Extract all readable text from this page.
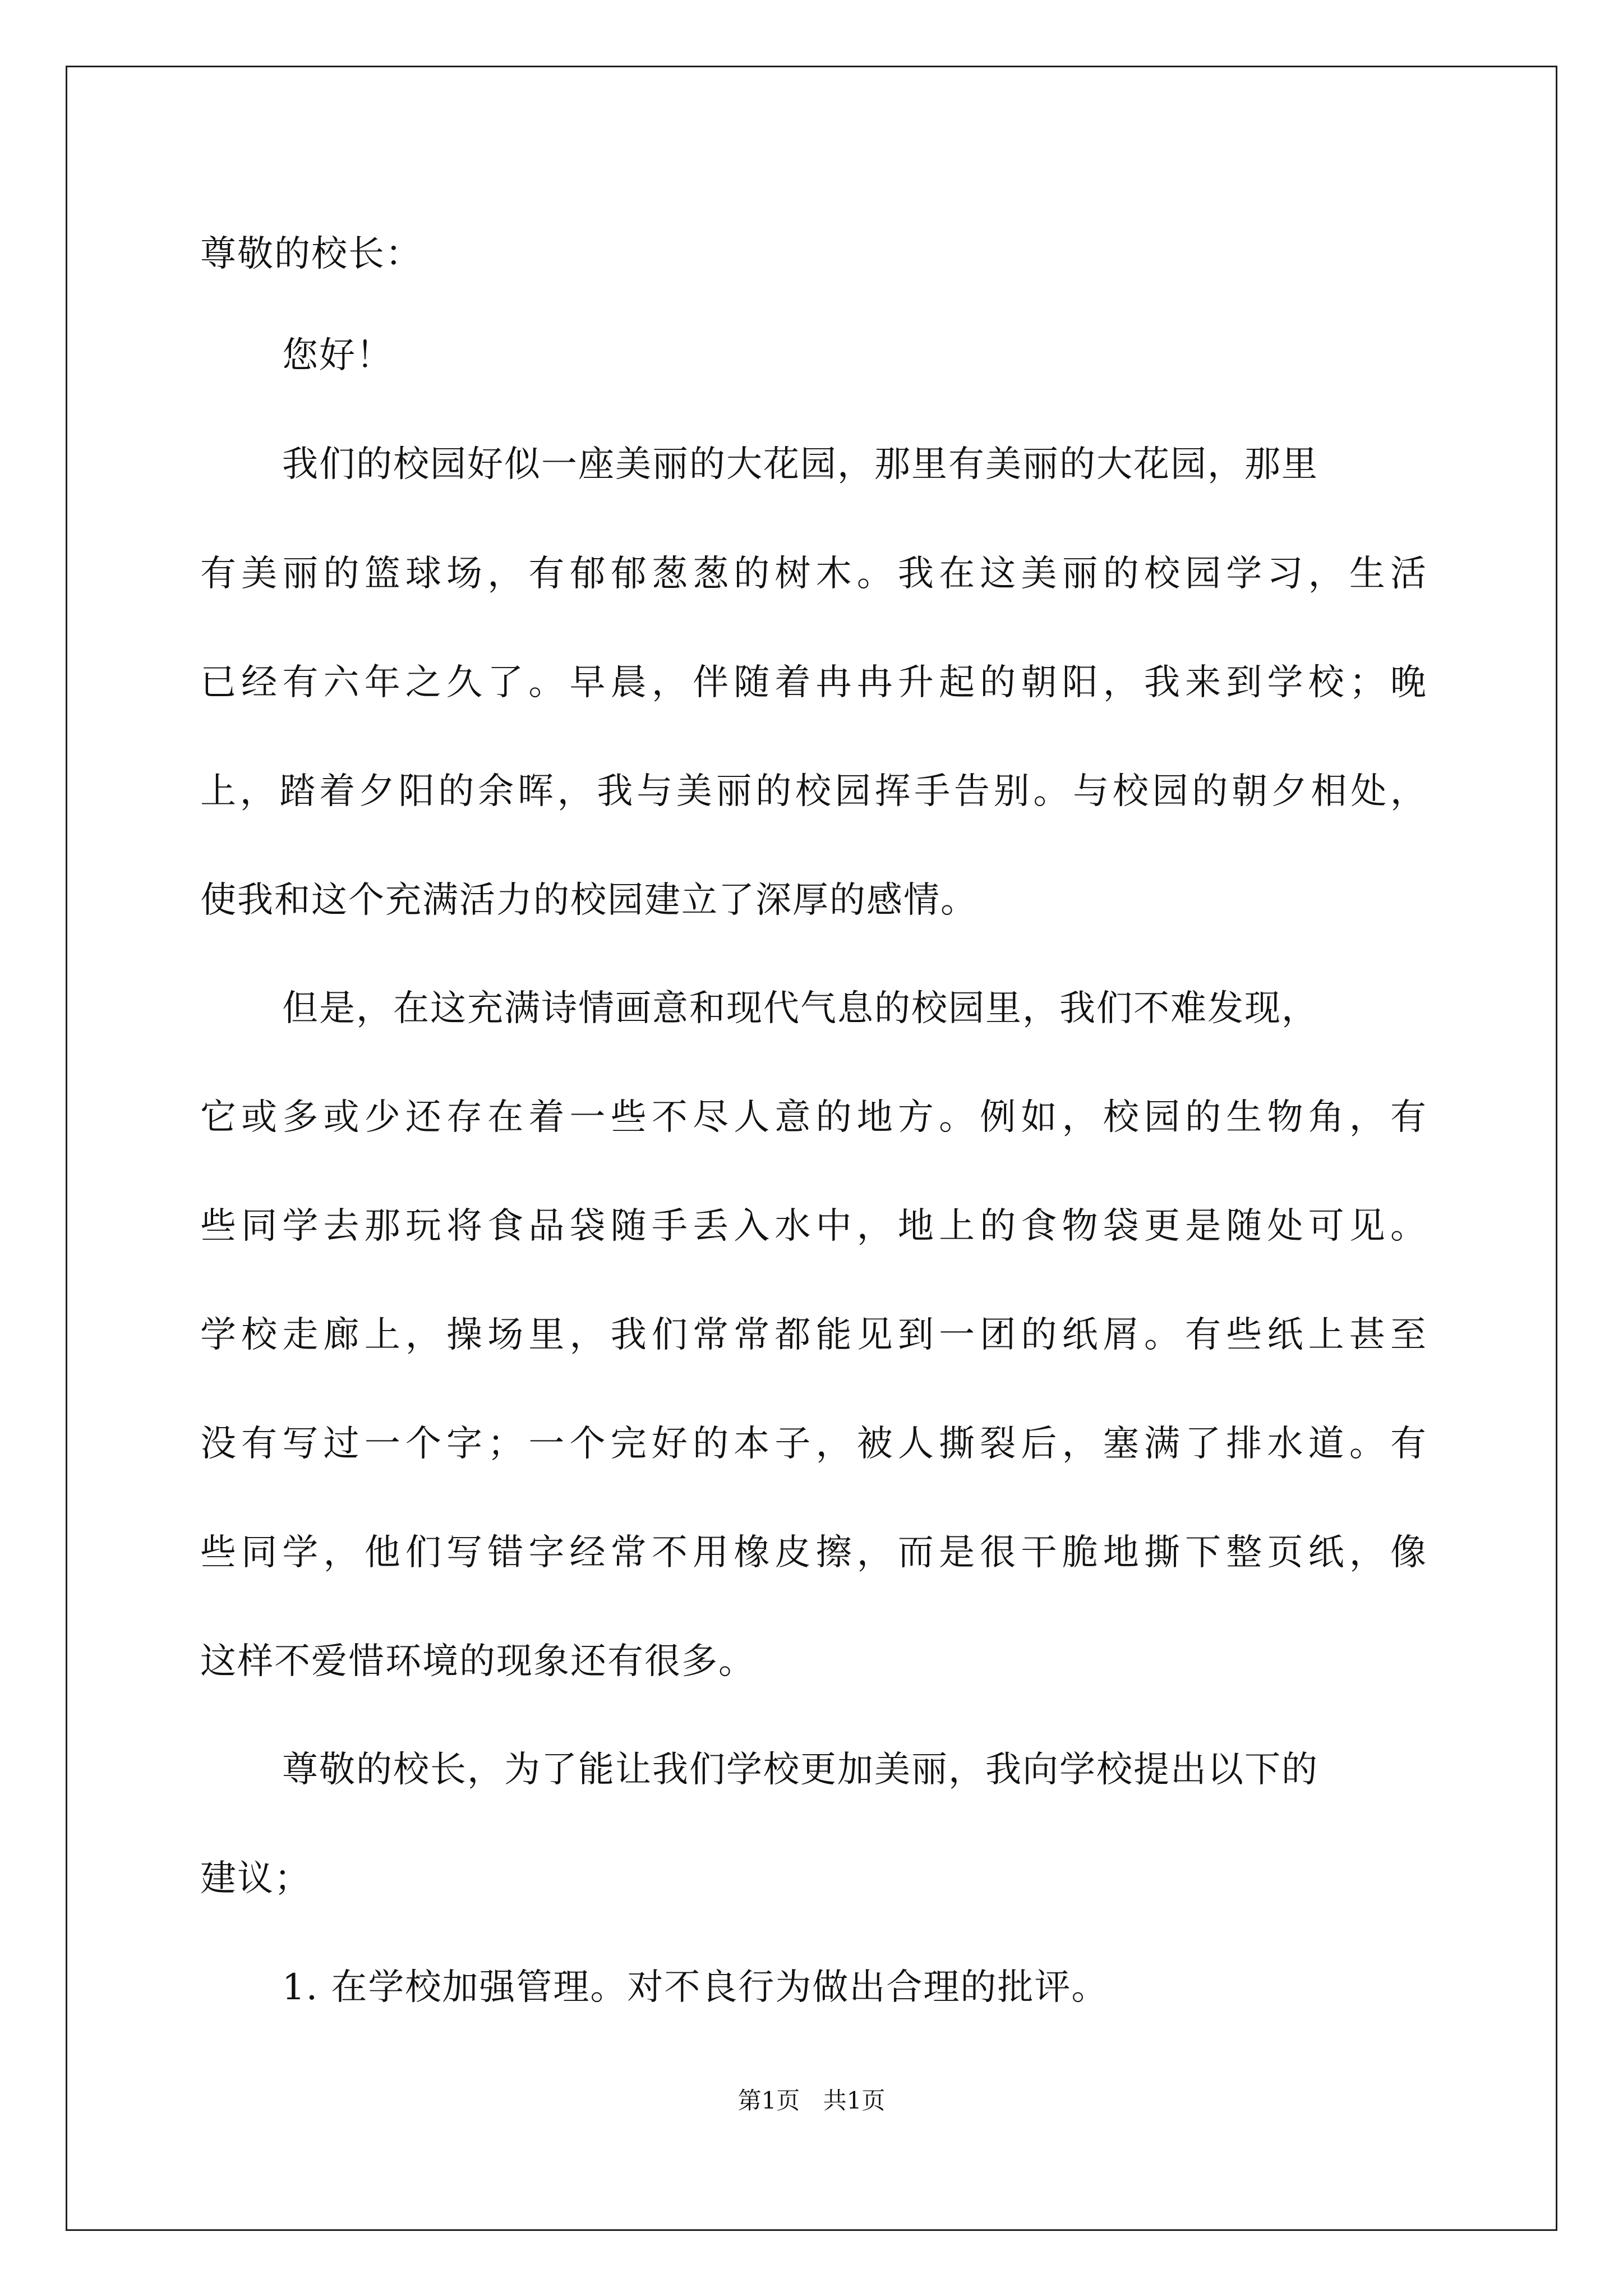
尊敬的校长：
您好！
我们的校园好似一座美丽的大花园，那里有美丽的大花园，那里
有美丽的篮球场，有郁郁葱葱的树木。我在这美丽的校园学习，生活
已经有六年之久了。早晨，伴随着冉冉升起的朝阳，我来到学校；晚
上，踏着夕阳的余晖，我与美丽的校园挥手告别。与校园的朝夕相处，
使我和这个充满活力的校园建立了深厚的感情。
但是，在这充满诗情画意和现代气息的校园里，我们不难发现，
它或多或少还存在着一些不尽人意的地方。例如，校园的生物角，有
些同学去那玩将食品袋随手丢入水中，地上的食物袋更是随处可见。
学校走廊上，操场里，我们常常都能见到一团的纸屑。有些纸上甚至
没有写过一个字；一个完好的本子，被人撕裂后，塞满了排水道。有
些同学，他们写错字经常不用橡皮擦，而是很干脆地撕下整页纸，像
这样不爱惜环境的现象还有很多。
尊敬的校长，为了能让我们学校更加美丽，我向学校提出以下的
建议；
1. 在学校加强管理。对不良行为做出合理的批评。
第1页 共1页
